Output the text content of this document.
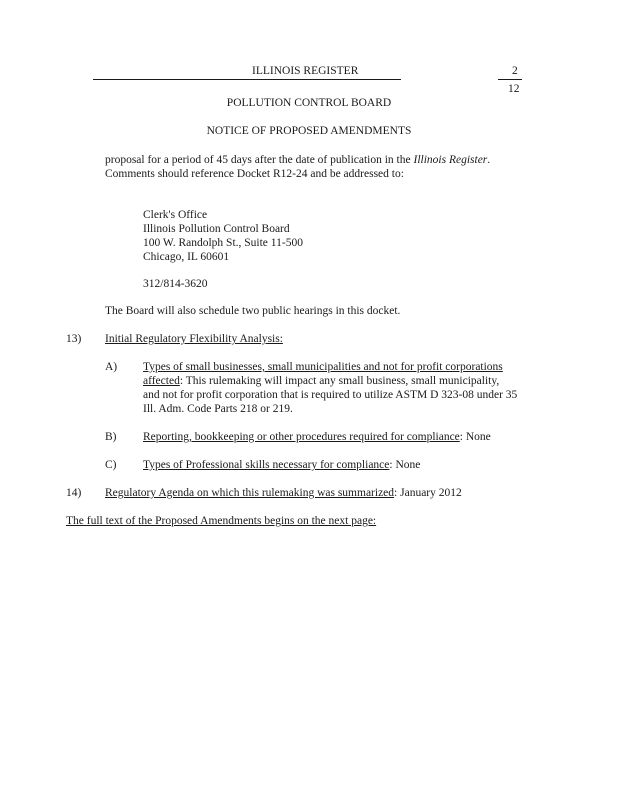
ILLINOIS REGISTER	2
12
POLLUTION CONTROL BOARD
NOTICE OF PROPOSED AMENDMENTS
proposal for a period of 45 days after the date of publication in the Illinois Register.
Comments should reference Docket R12-24 and be addressed to:
Clerk's Office
Illinois Pollution Control Board
100 W. Randolph St., Suite 11-500
Chicago, IL 60601
312/814-3620
The Board will also schedule two public hearings in this docket.
13) Initial Regulatory Flexibility Analysis:
A) Types of small businesses, small municipalities and not for profit corporations
affected: This rulemaking will impact any small business, small municipality,
and not for profit corporation that is required to utilize ASTM D 323-08 under 35
Ill. Adm. Code Parts 218 or 219.
B) Reporting, bookkeeping or other procedures required for compliance: None
C) Types of Professional skills necessary for compliance: None
14) Regulatory Agenda on which this rulemaking was summarized: January 2012
The full text of the Proposed Amendments begins on the next page:
